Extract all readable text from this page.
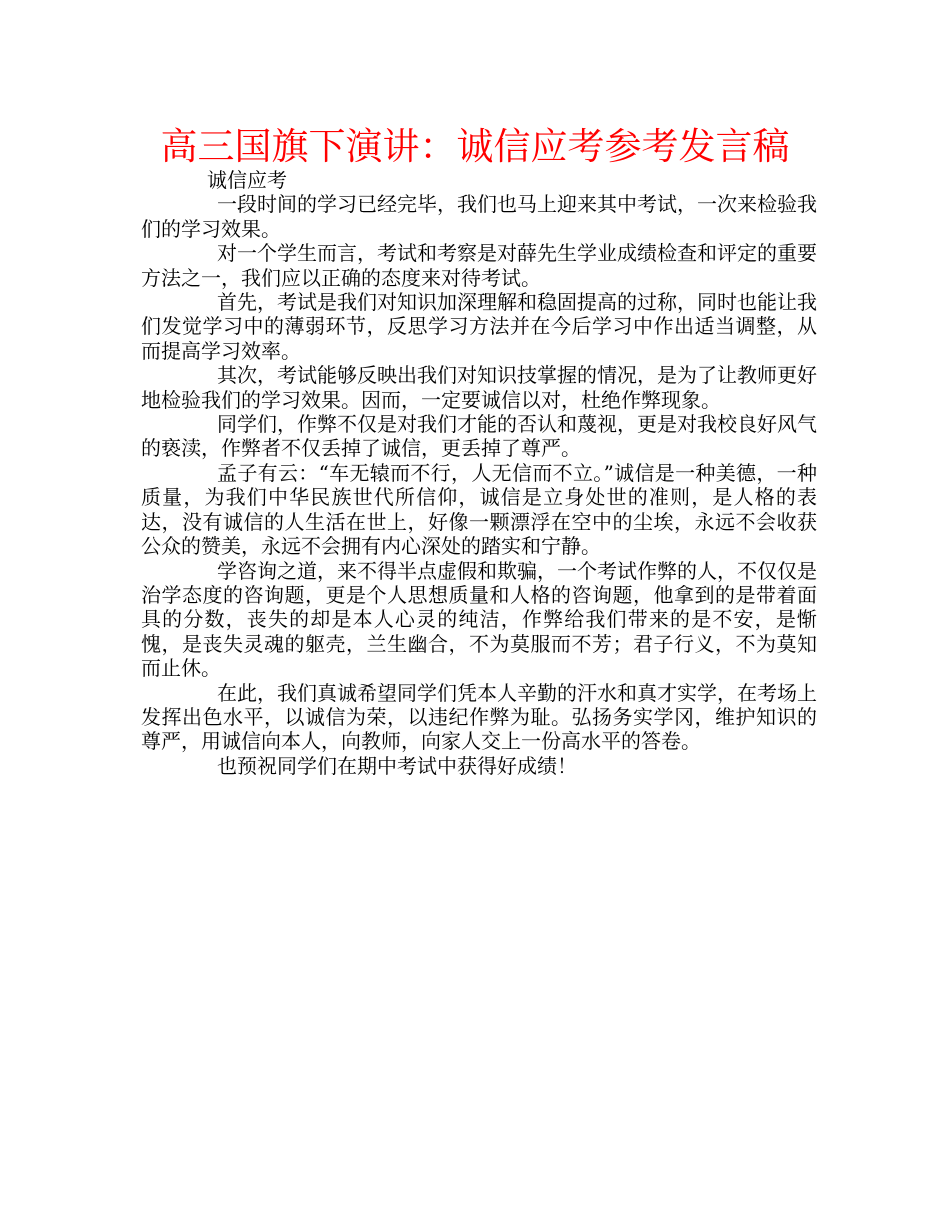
高三国旗下演讲：诚信应考参考发言稿

诚信应考

一段时间的学习已经完毕，我们也马上迎来其中考试，一次来检验我们的学习效果。

对一个学生而言，考试和考察是对薛先生学业成绩检查和评定的重要方法之一，我们应以正确的态度来对待考试。

首先，考试是我们对知识加深理解和稳固提高的过称，同时也能让我们发觉学习中的薄弱环节，反思学习方法并在今后学习中作出适当调整，从而提高学习效率。

其次，考试能够反映出我们对知识技掌握的情况，是为了让教师更好地检验我们的学习效果。因而，一定要诚信以对，杜绝作弊现象。

同学们，作弊不仅是对我们才能的否认和蔑视，更是对我校良好风气的亵渎，作弊者不仅丢掉了诚信，更丢掉了尊严。

孟子有云：“车无辕而不行，人无信而不立。”诚信是一种美德，一种质量，为我们中华民族世代所信仰，诚信是立身处世的准则，是人格的表达，没有诚信的人生活在世上，好像一颗漂浮在空中的尘埃，永远不会收获公众的赞美，永远不会拥有内心深处的踏实和宁静。

学咨询之道，来不得半点虚假和欺骗，一个考试作弊的人，不仅仅是治学态度的咨询题，更是个人思想质量和人格的咨询题，他拿到的是带着面具的分数，丧失的却是本人心灵的纯洁，作弊给我们带来的是不安，是惭愧，是丧失灵魂的躯壳，兰生幽合，不为莫服而不芳；君子行义，不为莫知而止休。

在此，我们真诚希望同学们凭本人辛勤的汗水和真才实学，在考场上发挥出色水平，以诚信为荣，以违纪作弊为耻。弘扬务实学冈，维护知识的尊严，用诚信向本人，向教师，向家人交上一份高水平的答卷。

也预祝同学们在期中考试中获得好成绩！
